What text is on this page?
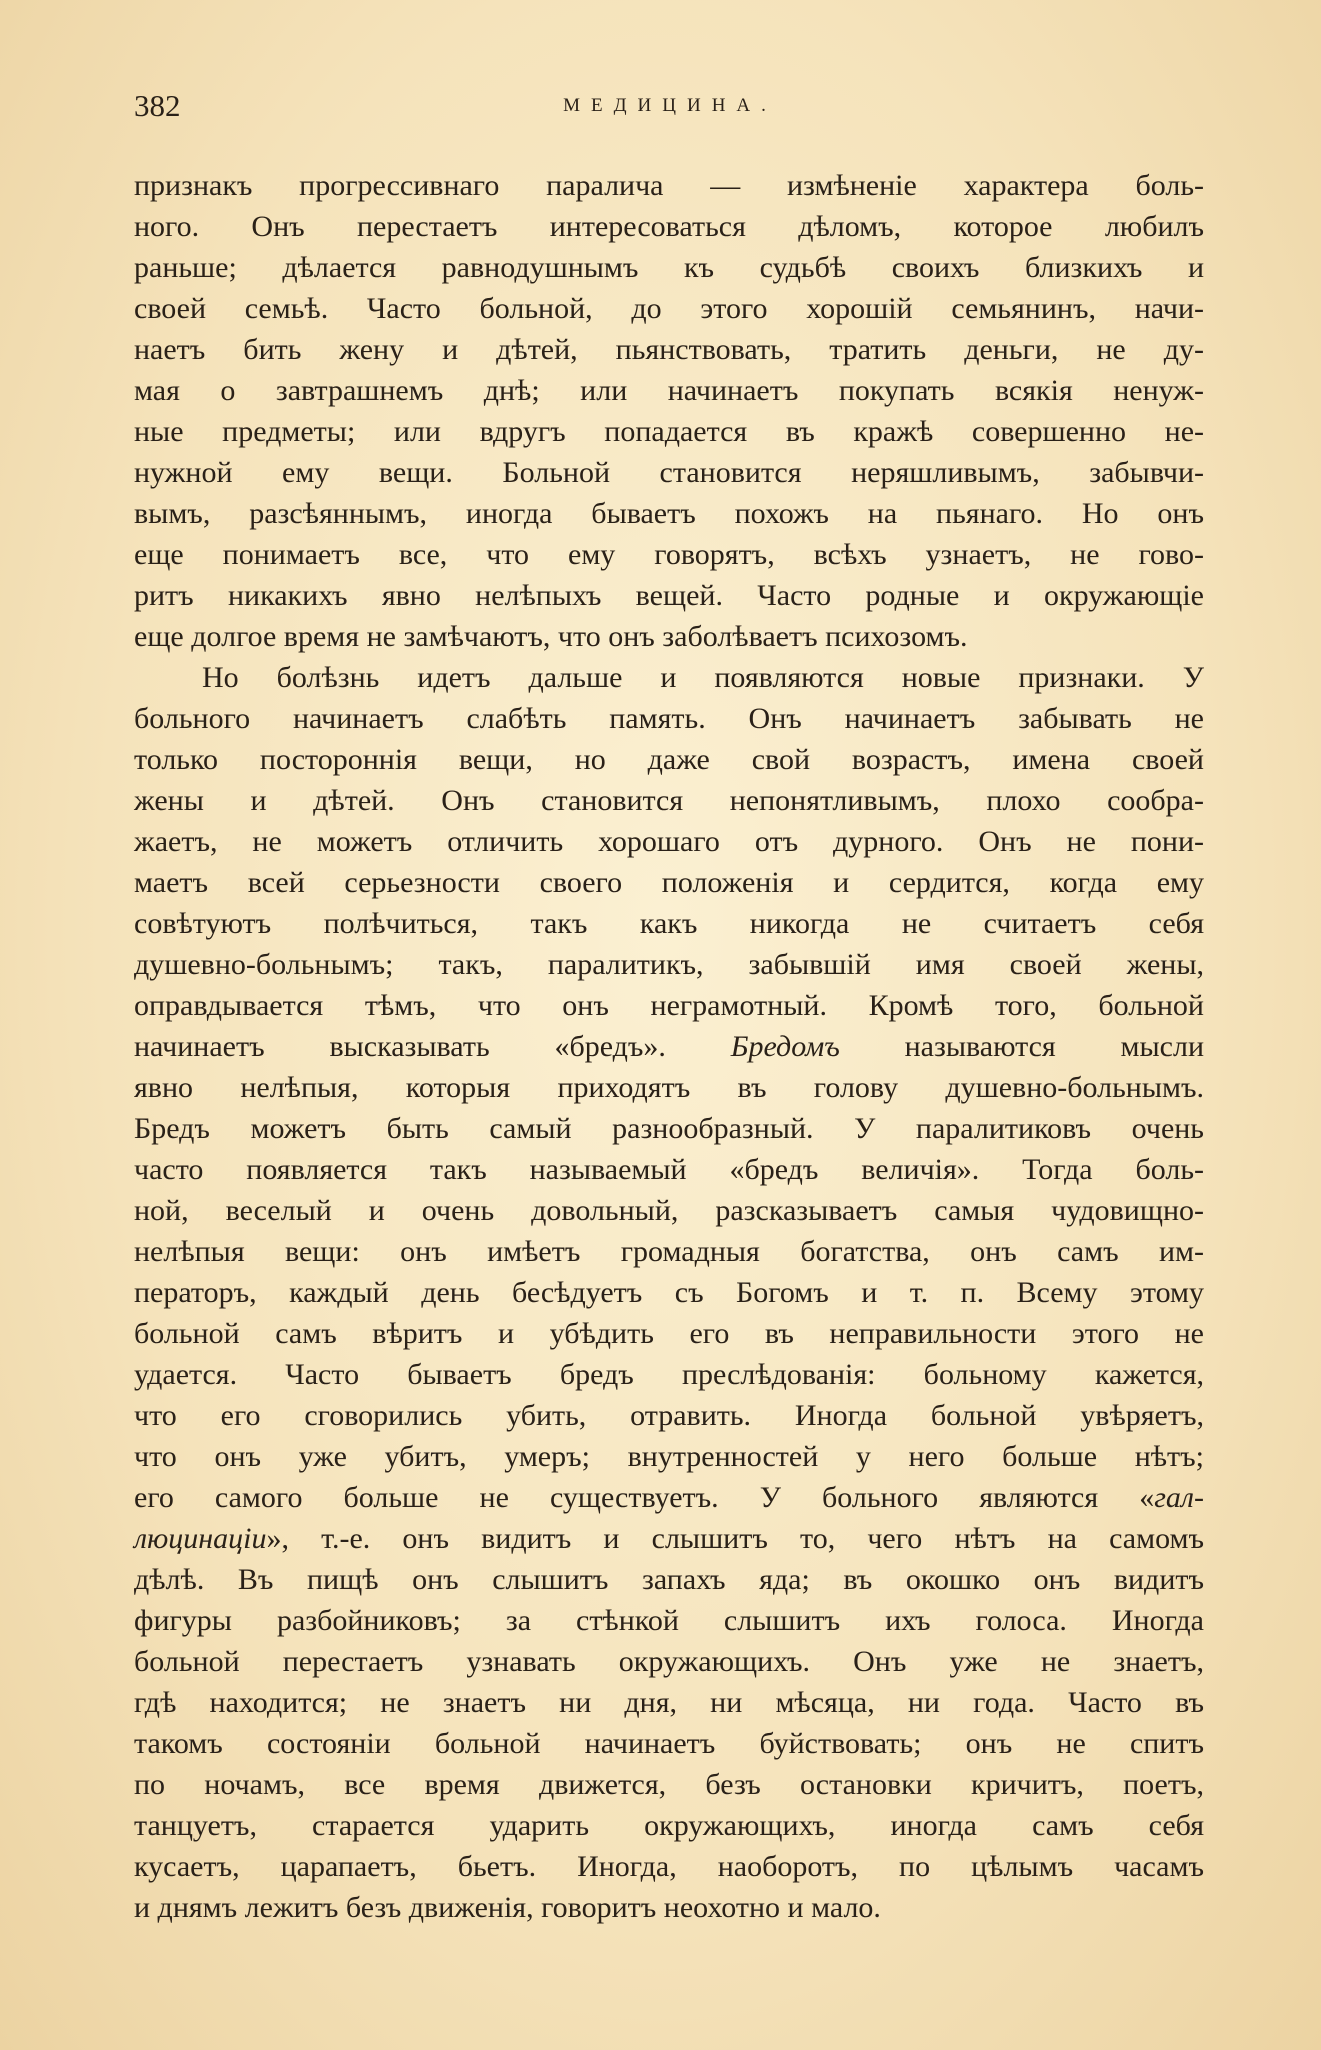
382	МЕДИЦИНА.

признакъ прогрессивнаго паралича — измѣненіе характера боль-
ного. Онъ перестаетъ интересоваться дѣломъ, которое любилъ
раньше; дѣлается равнодушнымъ къ судьбѣ своихъ близкихъ и
своей семьѣ. Часто больной, до этого хорошій семьянинъ, начи-
наетъ бить жену и дѣтей, пьянствовать, тратить деньги, не ду-
мая о завтрашнемъ днѣ; или начинаетъ покупать всякія ненуж-
ные предметы; или вдругъ попадается въ кражѣ совершенно не-
нужной ему вещи. Больной становится неряшливымъ, забывчи-
вымъ, разсѣяннымъ, иногда бываетъ похожъ на пьянаго. Но онъ
еще понимаетъ все, что ему говорятъ, всѣхъ узнаетъ, не гово-
ритъ никакихъ явно нелѣпыхъ вещей. Часто родные и окружающіе
еще долгое время не замѣчаютъ, что онъ заболѣваетъ психозомъ.

Но болѣзнь идетъ дальше и появляются новые признаки. У
больного начинаетъ слабѣть память. Онъ начинаетъ забывать не
только постороннія вещи, но даже свой возрастъ, имена своей
жены и дѣтей. Онъ становится непонятливымъ, плохо сообра-
жаетъ, не можетъ отличить хорошаго отъ дурного. Онъ не пони-
маетъ всей серьезности своего положенія и сердится, когда ему
совѣтуютъ полѣчиться, такъ какъ никогда не считаетъ себя
душевно-больнымъ; такъ, паралитикъ, забывшій имя своей жены,
оправдывается тѣмъ, что онъ неграмотный. Кромѣ того, больной
начинаетъ высказывать «бредъ». Бредомъ называются мысли
явно нелѣпыя, которыя приходятъ въ голову душевно-больнымъ.
Бредъ можетъ быть самый разнообразный. У паралитиковъ очень
часто появляется такъ называемый «бредъ величія». Тогда боль-
ной, веселый и очень довольный, разсказываетъ самыя чудовищно-
нелѣпыя вещи: онъ имѣетъ громадныя богатства, онъ самъ им-
ператоръ, каждый день бесѣдуетъ съ Богомъ и т. п. Всему этому
больной самъ вѣритъ и убѣдить его въ неправильности этого не
удается. Часто бываетъ бредъ преслѣдованія: больному кажется,
что его сговорились убить, отравить. Иногда больной увѣряетъ,
что онъ уже убитъ, умеръ; внутренностей у него больше нѣтъ;
его самого больше не существуетъ. У больного являются «гал-
люцинаціи», т.-е. онъ видитъ и слышитъ то, чего нѣтъ на самомъ
дѣлѣ. Въ пищѣ онъ слышитъ запахъ яда; въ окошко онъ видитъ
фигуры разбойниковъ; за стѣнкой слышитъ ихъ голоса. Иногда
больной перестаетъ узнавать окружающихъ. Онъ уже не знаетъ,
гдѣ находится; не знаетъ ни дня, ни мѣсяца, ни года. Часто въ
такомъ состояніи больной начинаетъ буйствовать; онъ не спитъ
по ночамъ, все время движется, безъ остановки кричитъ, поетъ,
танцуетъ, старается ударить окружающихъ, иногда самъ себя
кусаетъ, царапаетъ, бьетъ. Иногда, наоборотъ, по цѣлымъ часамъ
и днямъ лежитъ безъ движенія, говоритъ неохотно и мало.
